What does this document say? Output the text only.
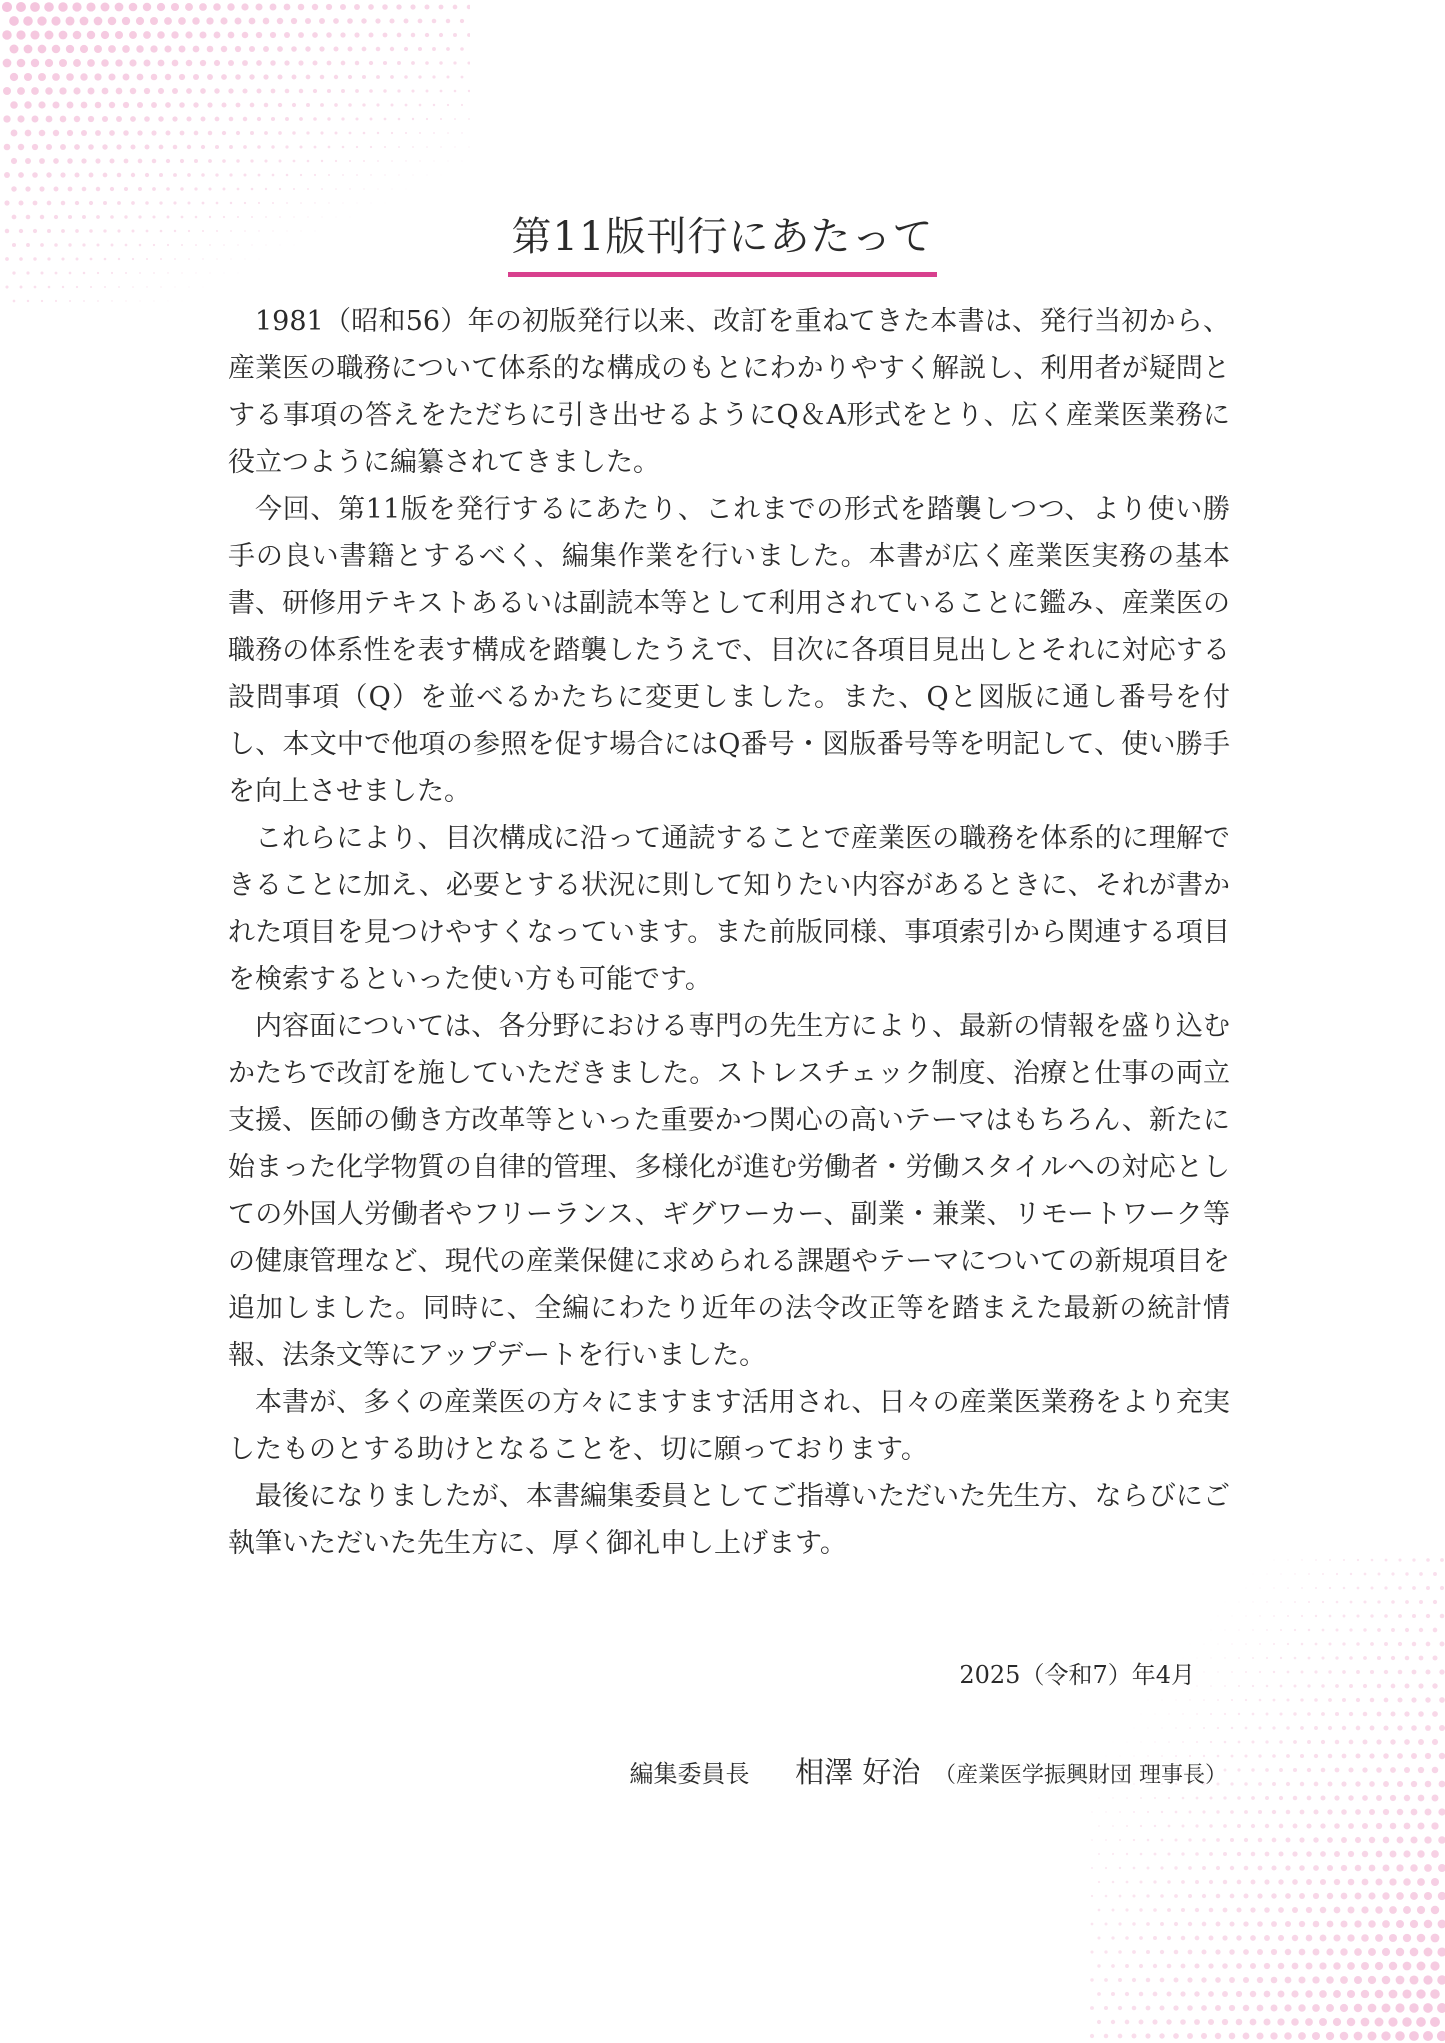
第11版刊行にあたって

1981（昭和56）年の初版発行以来、改訂を重ねてきた本書は、発行当初から、産業医の職務について体系的な構成のもとにわかりやすく解説し、利用者が疑問とする事項の答えをただちに引き出せるようにQ＆A形式をとり、広く産業医業務に役立つように編纂されてきました。

今回、第11版を発行するにあたり、これまでの形式を踏襲しつつ、より使い勝手の良い書籍とするべく、編集作業を行いました。本書が広く産業医実務の基本書、研修用テキストあるいは副読本等として利用されていることに鑑み、産業医の職務の体系性を表す構成を踏襲したうえで、目次に各項目見出しとそれに対応する設問事項（Q）を並べるかたちに変更しました。また、Qと図版に通し番号を付し、本文中で他項の参照を促す場合にはQ番号・図版番号等を明記して、使い勝手を向上させました。

これらにより、目次構成に沿って通読することで産業医の職務を体系的に理解できることに加え、必要とする状況に則して知りたい内容があるときに、それが書かれた項目を見つけやすくなっています。また前版同様、事項索引から関連する項目を検索するといった使い方も可能です。

内容面については、各分野における専門の先生方により、最新の情報を盛り込むかたちで改訂を施していただきました。ストレスチェック制度、治療と仕事の両立支援、医師の働き方改革等といった重要かつ関心の高いテーマはもちろん、新たに始まった化学物質の自律的管理、多様化が進む労働者・労働スタイルへの対応としての外国人労働者やフリーランス、ギグワーカー、副業・兼業、リモートワーク等の健康管理など、現代の産業保健に求められる課題やテーマについての新規項目を追加しました。同時に、全編にわたり近年の法令改正等を踏まえた最新の統計情報、法条文等にアップデートを行いました。

本書が、多くの産業医の方々にますます活用され、日々の産業医業務をより充実したものとする助けとなることを、切に願っております。

最後になりましたが、本書編集委員としてご指導いただいた先生方、ならびにご執筆いただいた先生方に、厚く御礼申し上げます。

2025（令和7）年4月
編集委員長 相澤 好治 （産業医学振興財団 理事長）
